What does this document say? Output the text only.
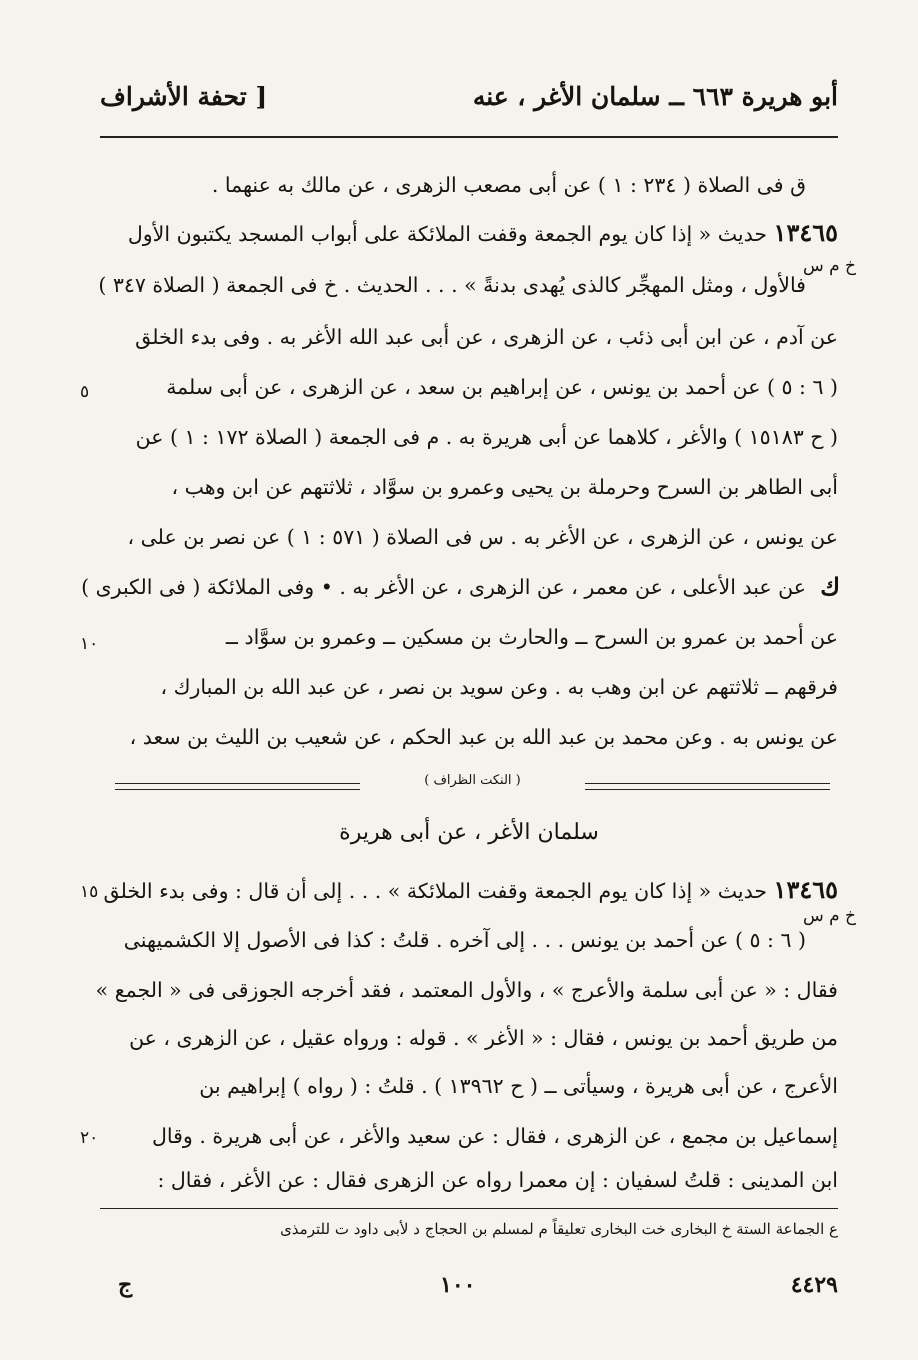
أبو هريرة ٦٦٣ ــ سلمان الأغر ، عنه
[ تحفة الأشراف
ق فى الصلاة ( ٢٣٤ : ١ ) عن أبى مصعب الزهرى ، عن مالك به عنهما .
١٣٤٦٥ حديث « إذا كان يوم الجمعة وقفت الملائكة على أبواب المسجد يكتبون الأول
فالأول ، ومثل المهجِّر كالذى يُهدى بدنةً » . . . الحديث . خ فى الجمعة ( الصلاة ٣٤٧ )
عن آدم ، عن ابن أبى ذئب ، عن الزهرى ، عن أبى عبد الله الأغر به . وفى بدء الخلق
( ٦ : ٥ ) عن أحمد بن يونس ، عن إبراهيم بن سعد ، عن الزهرى ، عن أبى سلمة
( ح ١٥١٨٣ ) والأغر ، كلاهما عن أبى هريرة به . م فى الجمعة ( الصلاة ١٧٢ : ١ ) عن
أبى الطاهر بن السرح وحرملة بن يحيى وعمرو بن سوَّاد ، ثلاثتهم عن ابن وهب ،
عن يونس ، عن الزهرى ، عن الأغر به . س فى الصلاة ( ٥٧١ : ١ ) عن نصر بن على ،
عن عبد الأعلى ، عن معمر ، عن الزهرى ، عن الأغر به . • وفى الملائكة ( فى الكبرى )
عن أحمد بن عمرو بن السرح ــ والحارث بن مسكين ــ وعمرو بن سوَّاد ــ
فرقهم ــ ثلاثتهم عن ابن وهب به . وعن سويد بن نصر ، عن عبد الله بن المبارك ،
عن يونس به . وعن محمد بن عبد الله بن عبد الحكم ، عن شعيب بن الليث بن سعد ،
خ م س
٥
ك
١٠
( النكت الظراف )
سلمان الأغر ، عن أبى هريرة
١٣٤٦٥ حديث « إذا كان يوم الجمعة وقفت الملائكة » . . . إلى أن قال : وفى بدء الخلق
( ٦ : ٥ ) عن أحمد بن يونس . . . إلى آخره . قلتُ : كذا فى الأصول إلا الكشميهنى
فقال : « عن أبى سلمة والأعرج » ، والأول المعتمد ، فقد أخرجه الجوزقى فى « الجمع »
من طريق أحمد بن يونس ، فقال : « الأغر » . قوله : ورواه عقيل ، عن الزهرى ، عن
الأعرج ، عن أبى هريرة ، وسيأتى ــ ( ح ١٣٩٦٢ ) . قلتُ : ( رواه ) إبراهيم بن
إسماعيل بن مجمع ، عن الزهرى ، فقال : عن سعيد والأغر ، عن أبى هريرة . وقال
ابن المدينى : قلتُ لسفيان : إن معمرا رواه عن الزهرى فقال : عن الأغر ، فقال :
خ م س
١٥
٢٠
ع الجماعة الستة خ البخارى خت البخارى تعليقاً م لمسلم بن الحجاج د لأبى داود ت للترمذى
٤٤٢٩
١٠٠
ج
